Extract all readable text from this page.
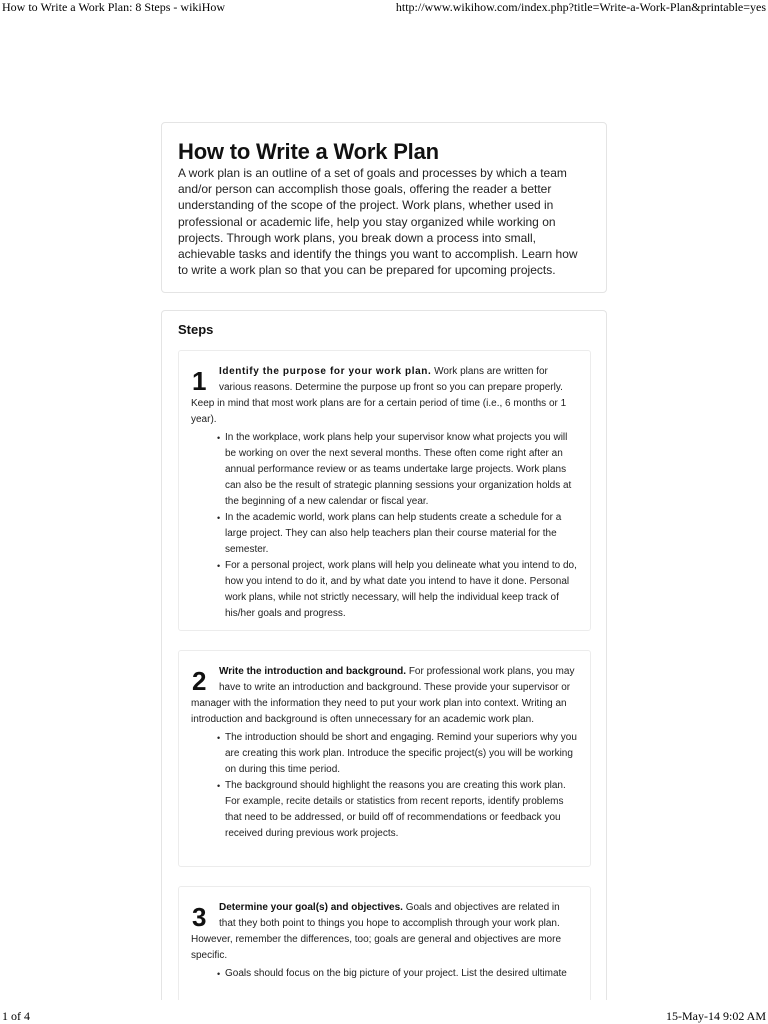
How to Write a Work Plan: 8 Steps - wikiHow	http://www.wikihow.com/index.php?title=Write-a-Work-Plan&printable=yes
How to Write a Work Plan

A work plan is an outline of a set of goals and processes by which a team and/or person can accomplish those goals, offering the reader a better understanding of the scope of the project. Work plans, whether used in professional or academic life, help you stay organized while working on projects. Through work plans, you break down a process into small, achievable tasks and identify the things you want to accomplish. Learn how to write a work plan so that you can be prepared for upcoming projects.

Steps
1	Identify the purpose for your work plan. Work plans are written for various reasons. Determine the purpose up front so you can prepare properly. Keep in mind that most work plans are for a certain period of time (i.e., 6 months or 1 year).

• In the workplace, work plans help your supervisor know what projects you will be working on over the next several months. These often come right after an annual performance review or as teams undertake large projects. Work plans can also be the result of strategic planning sessions your organization holds at the beginning of a new calendar or fiscal year.
• In the academic world, work plans can help students create a schedule for a large project. They can also help teachers plan their course material for the semester.
• For a personal project, work plans will help you delineate what you intend to do, how you intend to do it, and by what date you intend to have it done. Personal work plans, while not strictly necessary, will help the individual keep track of his/her goals and progress.
2	Write the introduction and background. For professional work plans, you may have to write an introduction and background. These provide your supervisor or manager with the information they need to put your work plan into context. Writing an introduction and background is often unnecessary for an academic work plan.

• The introduction should be short and engaging. Remind your superiors why you are creating this work plan. Introduce the specific project(s) you will be working on during this time period.
• The background should highlight the reasons you are creating this work plan. For example, recite details or statistics from recent reports, identify problems that need to be addressed, or build off of recommendations or feedback you received during previous work projects.
3	Determine your goal(s) and objectives. Goals and objectives are related in that they both point to things you hope to accomplish through your work plan. However, remember the differences, too; goals are general and objectives are more specific.

• Goals should focus on the big picture of your project. List the desired ultimate
1 of 4	15-May-14 9:02 AM
